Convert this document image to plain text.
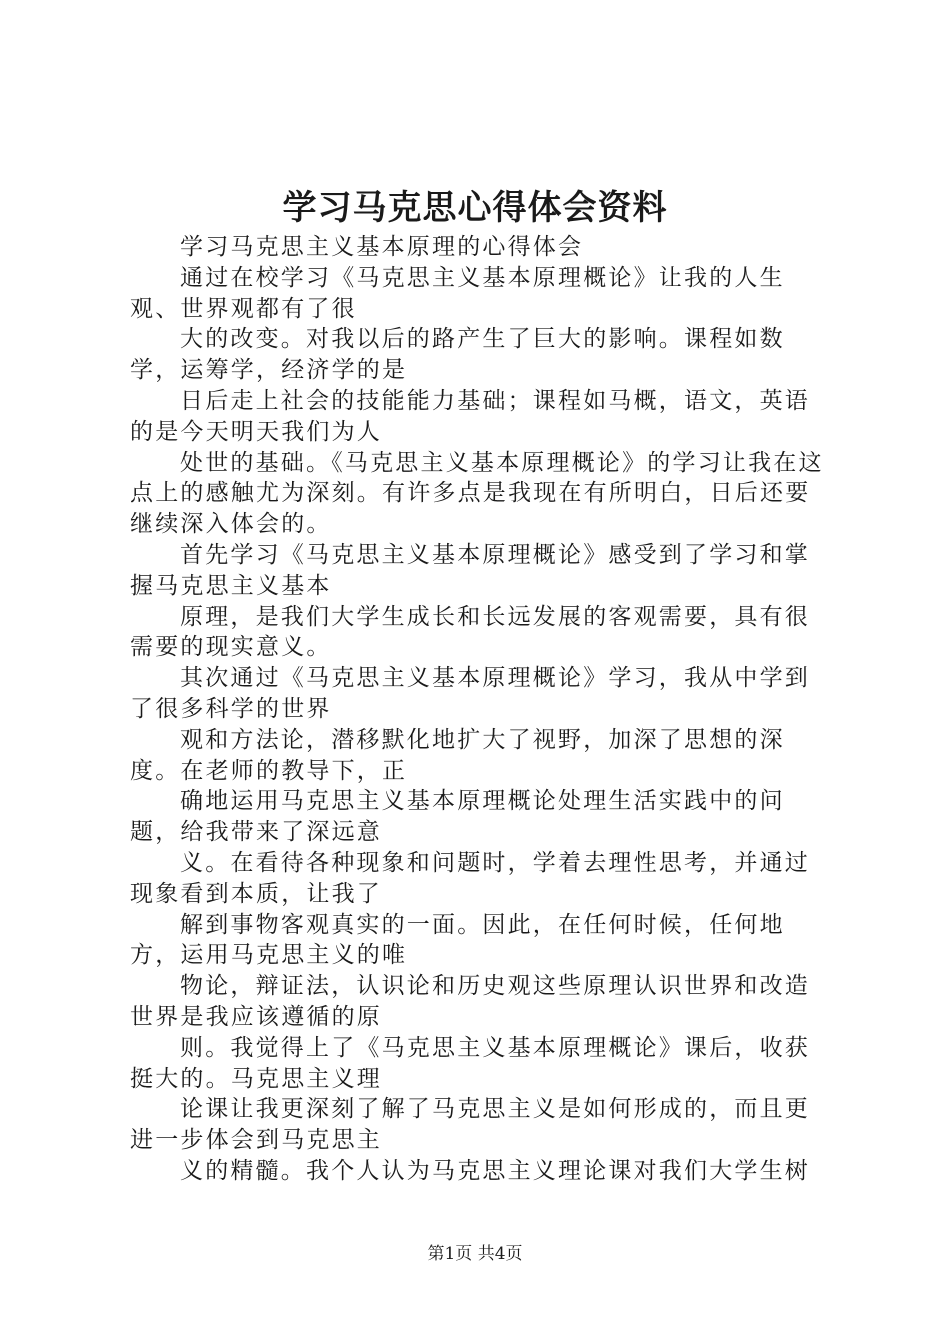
学习马克思心得体会资料

学习马克思主义基本原理的心得体会

通过在校学习《马克思主义基本原理概论》让我的人生观、世界观都有了很

大的改变。对我以后的路产生了巨大的影响。课程如数学，运筹学，经济学的是

日后走上社会的技能能力基础；课程如马概，语文，英语的是今天明天我们为人

处世的基础。《马克思主义基本原理概论》的学习让我在这点上的感触尤为深刻。有许多点是我现在有所明白，日后还要继续深入体会的。

首先学习《马克思主义基本原理概论》感受到了学习和掌握马克思主义基本

原理，是我们大学生成长和长远发展的客观需要，具有很需要的现实意义。

其次通过《马克思主义基本原理概论》学习，我从中学到了很多科学的世界

观和方法论，潜移默化地扩大了视野，加深了思想的深度。在老师的教导下，正

确地运用马克思主义基本原理概论处理生活实践中的问题，给我带来了深远意

义。在看待各种现象和问题时，学着去理性思考，并通过现象看到本质，让我了

解到事物客观真实的一面。因此，在任何时候，任何地方，运用马克思主义的唯

物论，辩证法，认识论和历史观这些原理认识世界和改造世界是我应该遵循的原

则。我觉得上了《马克思主义基本原理概论》课后，收获挺大的。马克思主义理

论课让我更深刻了解了马克思主义是如何形成的，而且更进一步体会到马克思主

义的精髓。我个人认为马克思主义理论课对我们大学生树

第1页 共4页
